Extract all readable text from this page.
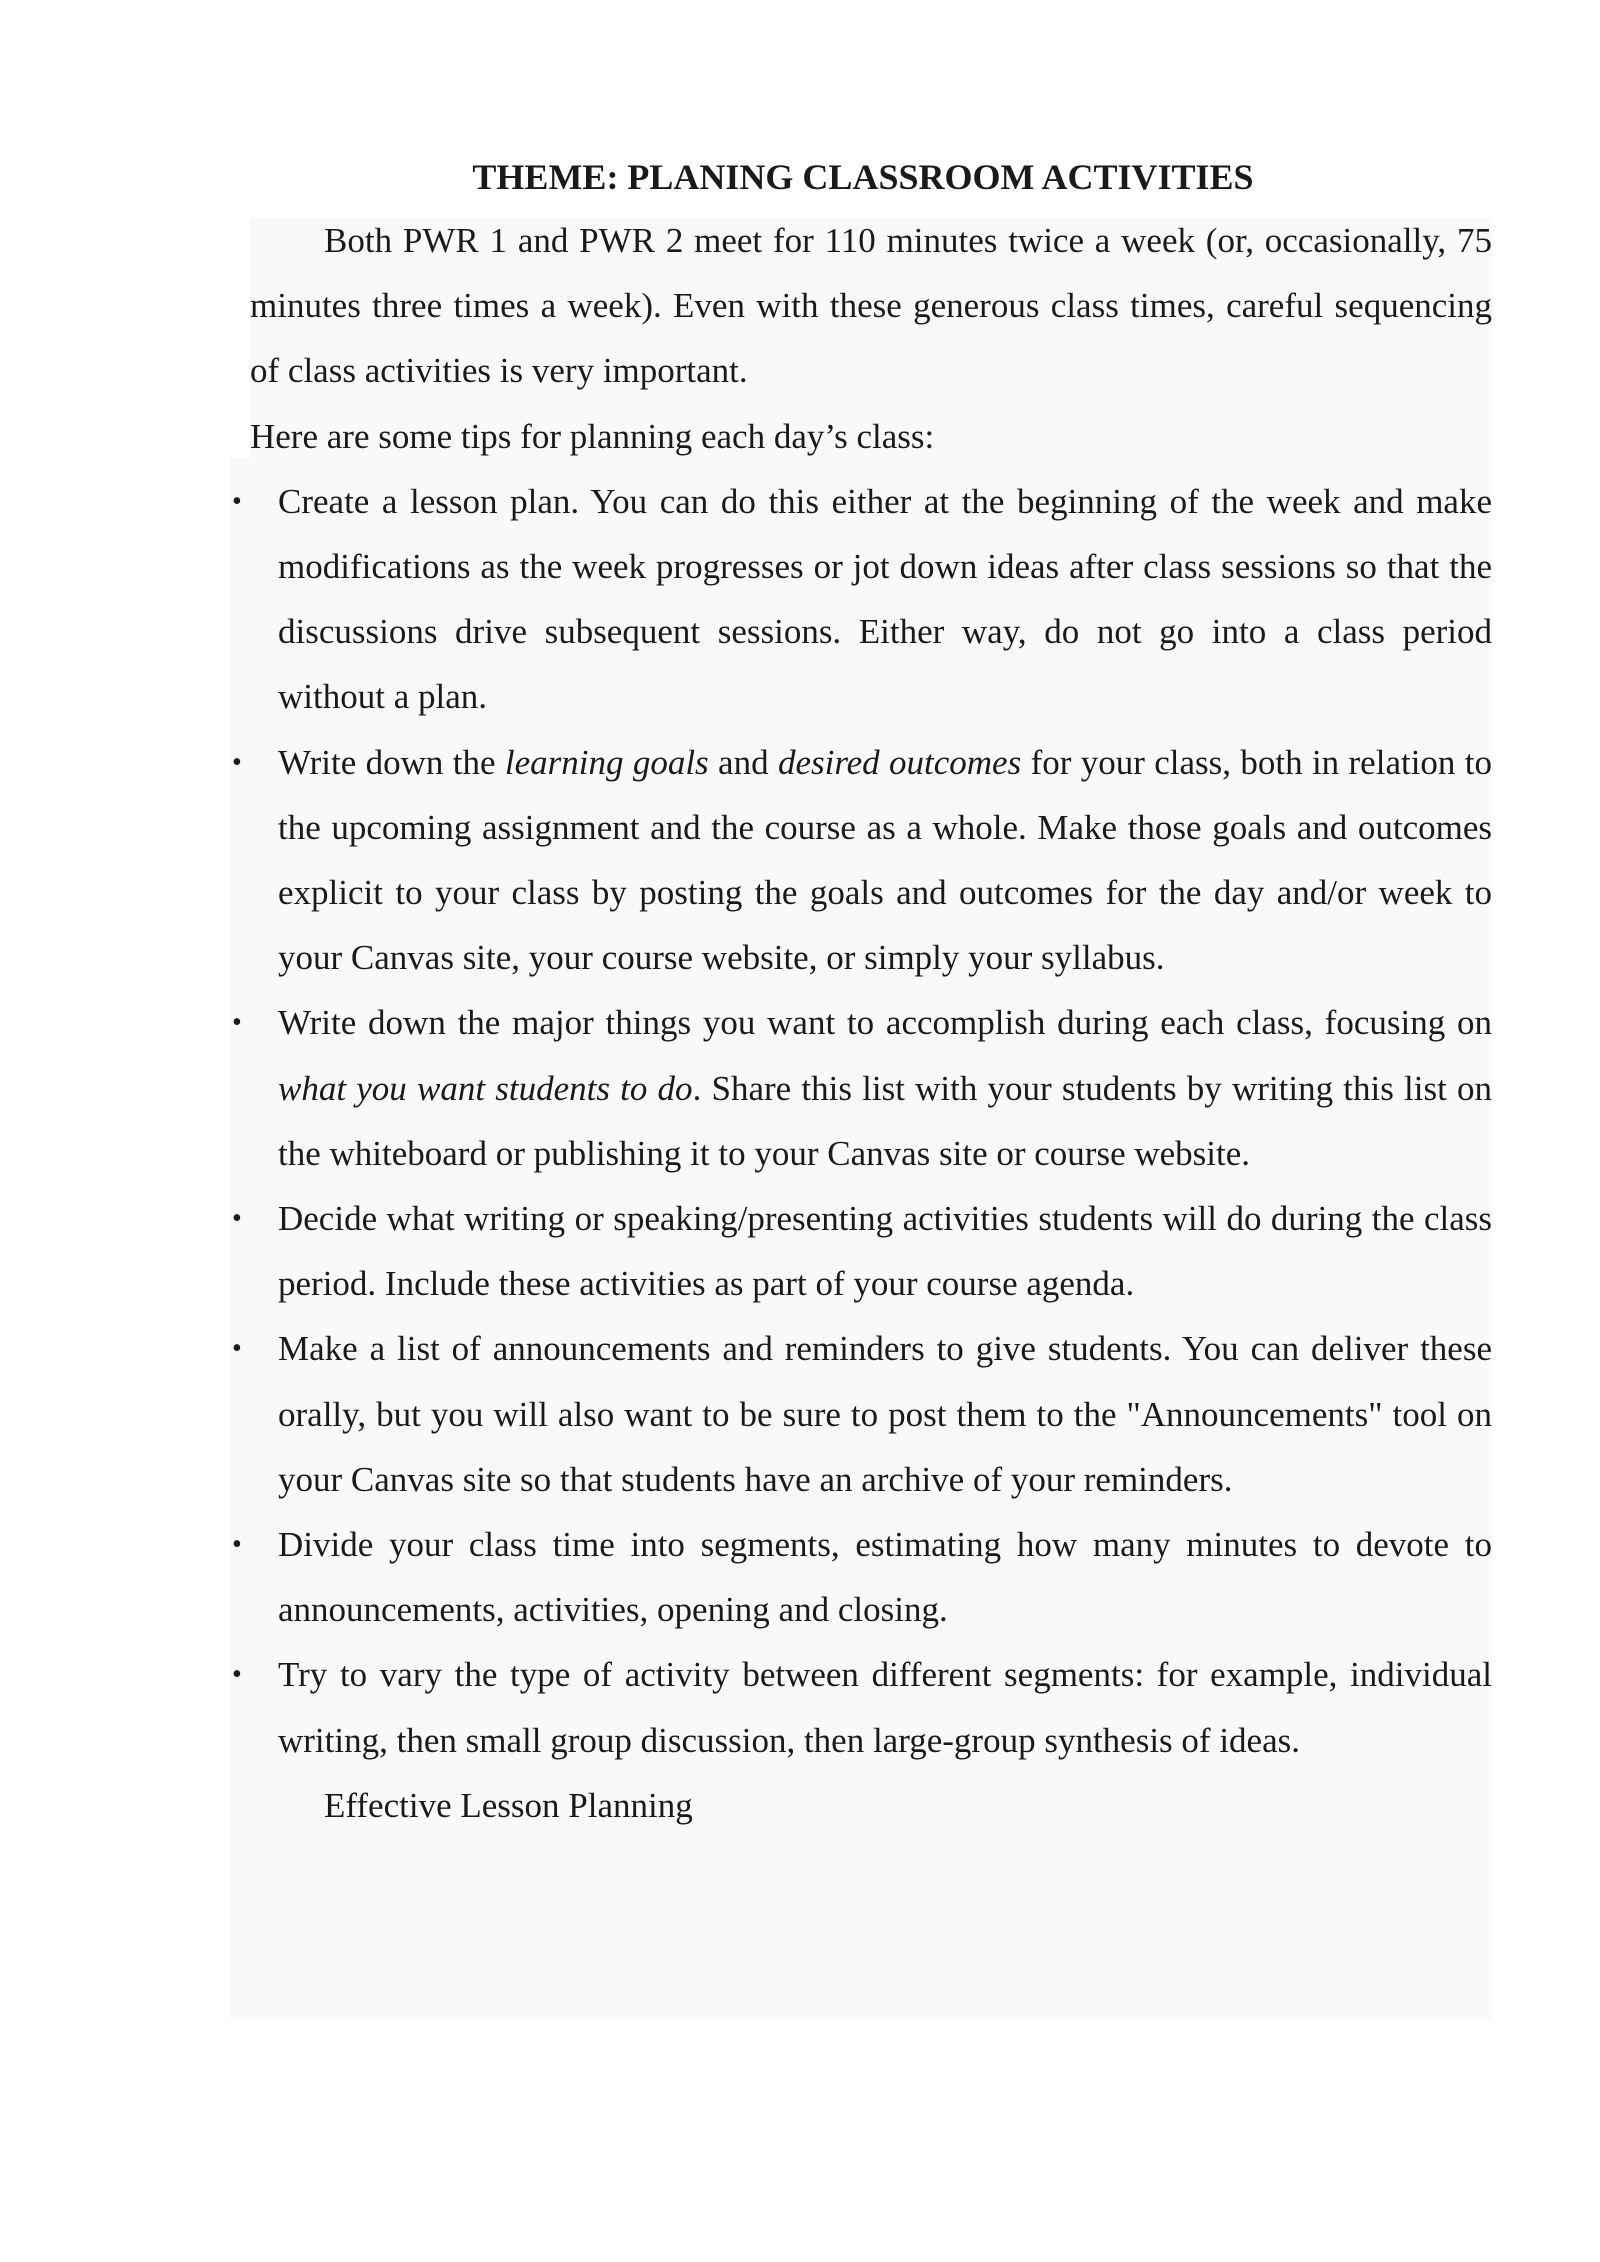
THEME: PLANING CLASSROOM ACTIVITIES

Both PWR 1 and PWR 2 meet for 110 minutes twice a week (or, occasionally, 75 minutes three times a week). Even with these generous class times, careful sequencing of class activities is very important.

Here are some tips for planning each day’s class:

• Create a lesson plan. You can do this either at the beginning of the week and make modifications as the week progresses or jot down ideas after class sessions so that the discussions drive subsequent sessions. Either way, do not go into a class period without a plan.
• Write down the learning goals and desired outcomes for your class, both in relation to the upcoming assignment and the course as a whole. Make those goals and outcomes explicit to your class by posting the goals and outcomes for the day and/or week to your Canvas site, your course website, or simply your syllabus.
• Write down the major things you want to accomplish during each class, focusing on what you want students to do. Share this list with your students by writing this list on the whiteboard or publishing it to your Canvas site or course website.
• Decide what writing or speaking/presenting activities students will do during the class period. Include these activities as part of your course agenda.
• Make a list of announcements and reminders to give students. You can deliver these orally, but you will also want to be sure to post them to the "Announcements" tool on your Canvas site so that students have an archive of your reminders.
• Divide your class time into segments, estimating how many minutes to devote to announcements, activities, opening and closing.
• Try to vary the type of activity between different segments: for example, individual writing, then small group discussion, then large-group synthesis of ideas.

Effective Lesson Planning
